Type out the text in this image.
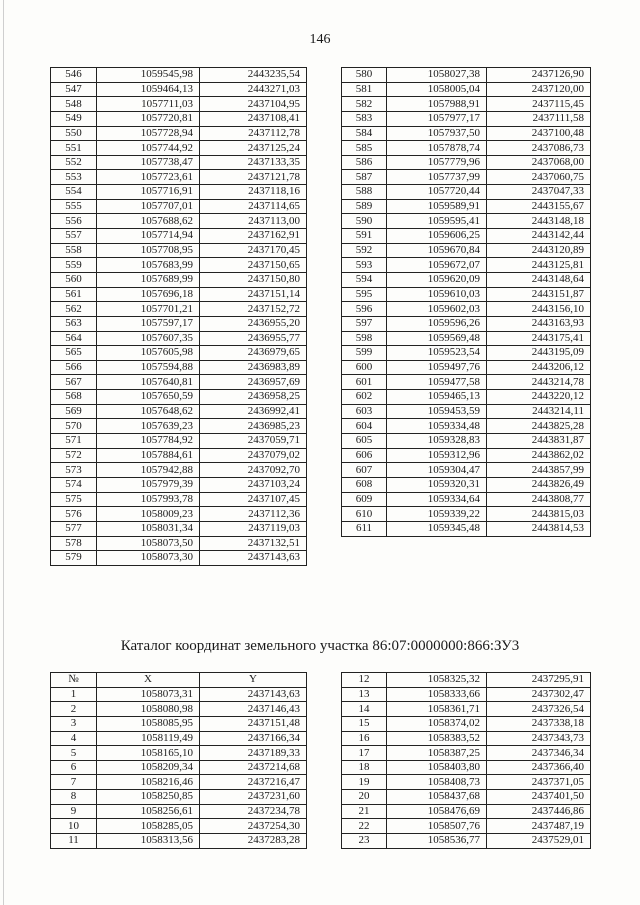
146
546	1059545,98	2443235,54
547	1059464,13	2443271,03
548	1057711,03	2437104,95
549	1057720,81	2437108,41
550	1057728,94	2437112,78
551	1057744,92	2437125,24
552	1057738,47	2437133,35
553	1057723,61	2437121,78
554	1057716,91	2437118,16
555	1057707,01	2437114,65
556	1057688,62	2437113,00
557	1057714,94	2437162,91
558	1057708,95	2437170,45
559	1057683,99	2437150,65
560	1057689,99	2437150,80
561	1057696,18	2437151,14
562	1057701,21	2437152,72
563	1057597,17	2436955,20
564	1057607,35	2436955,77
565	1057605,98	2436979,65
566	1057594,88	2436983,89
567	1057640,81	2436957,69
568	1057650,59	2436958,25
569	1057648,62	2436992,41
570	1057639,23	2436985,23
571	1057784,92	2437059,71
572	1057884,61	2437079,02
573	1057942,88	2437092,70
574	1057979,39	2437103,24
575	1057993,78	2437107,45
576	1058009,23	2437112,36
577	1058031,34	2437119,03
578	1058073,50	2437132,51
579	1058073,30	2437143,63
580	1058027,38	2437126,90
581	1058005,04	2437120,00
582	1057988,91	2437115,45
583	1057977,17	2437111,58
584	1057937,50	2437100,48
585	1057878,74	2437086,73
586	1057779,96	2437068,00
587	1057737,99	2437060,75
588	1057720,44	2437047,33
589	1059589,91	2443155,67
590	1059595,41	2443148,18
591	1059606,25	2443142,44
592	1059670,84	2443120,89
593	1059672,07	2443125,81
594	1059620,09	2443148,64
595	1059610,03	2443151,87
596	1059602,03	2443156,10
597	1059596,26	2443163,93
598	1059569,48	2443175,41
599	1059523,54	2443195,09
600	1059497,76	2443206,12
601	1059477,58	2443214,78
602	1059465,13	2443220,12
603	1059453,59	2443214,11
604	1059334,48	2443825,28
605	1059328,83	2443831,87
606	1059312,96	2443862,02
607	1059304,47	2443857,99
608	1059320,31	2443826,49
609	1059334,64	2443808,77
610	1059339,22	2443815,03
611	1059345,48	2443814,53
Каталог координат земельного участка 86:07:0000000:866:ЗУ3
№	X	Y
1	1058073,31	2437143,63
2	1058080,98	2437146,43
3	1058085,95	2437151,48
4	1058119,49	2437166,34
5	1058165,10	2437189,33
6	1058209,34	2437214,68
7	1058216,46	2437216,47
8	1058250,85	2437231,60
9	1058256,61	2437234,78
10	1058285,05	2437254,30
11	1058313,56	2437283,28
12	1058325,32	2437295,91
13	1058333,66	2437302,47
14	1058361,71	2437326,54
15	1058374,02	2437338,18
16	1058383,52	2437343,73
17	1058387,25	2437346,34
18	1058403,80	2437366,40
19	1058408,73	2437371,05
20	1058437,68	2437401,50
21	1058476,69	2437446,86
22	1058507,76	2437487,19
23	1058536,77	2437529,01
